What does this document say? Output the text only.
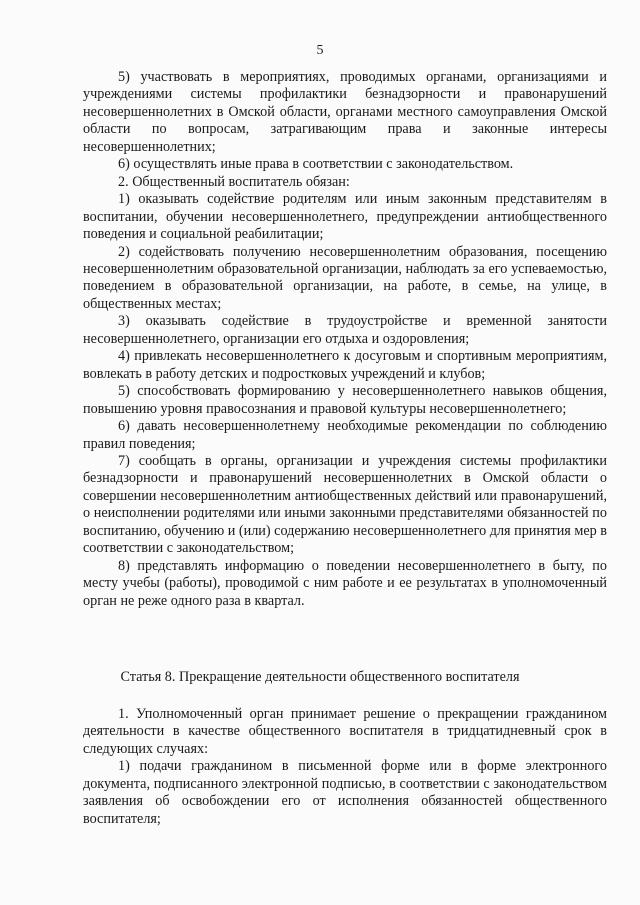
5

5) участвовать в мероприятиях, проводимых органами, организациями и учреждениями системы профилактики безнадзорности и правонарушений несовершеннолетних в Омской области, органами местного самоуправления Омской области по вопросам, затрагивающим права и законные интересы несовершеннолетних;

6) осуществлять иные права в соответствии с законодательством.

2. Общественный воспитатель обязан:

1) оказывать содействие родителям или иным законным представителям в воспитании, обучении несовершеннолетнего, предупреждении антиобщественного поведения и социальной реабилитации;

2) содействовать получению несовершеннолетним образования, посещению несовершеннолетним образовательной организации, наблюдать за его успеваемостью, поведением в образовательной организации, на работе, в семье, на улице, в общественных местах;

3) оказывать содействие в трудоустройстве и временной занятости несовершеннолетнего, организации его отдыха и оздоровления;

4) привлекать несовершеннолетнего к досуговым и спортивным мероприятиям, вовлекать в работу детских и подростковых учреждений и клубов;

5) способствовать формированию у несовершеннолетнего навыков общения, повышению уровня правосознания и правовой культуры несовершеннолетнего;

6) давать несовершеннолетнему необходимые рекомендации по соблюдению правил поведения;

7) сообщать в органы, организации и учреждения системы профилактики безнадзорности и правонарушений несовершеннолетних в Омской области о совершении несовершеннолетним антиобщественных действий или правонарушений, о неисполнении родителями или иными законными представителями обязанностей по воспитанию, обучению и (или) содержанию несовершеннолетнего для принятия мер в соответствии с законодательством;

8) представлять информацию о поведении несовершеннолетнего в быту, по месту учебы (работы), проводимой с ним работе и ее результатах в уполномоченный орган не реже одного раза в квартал.

Статья 8. Прекращение деятельности общественного воспитателя

1. Уполномоченный орган принимает решение о прекращении гражданином деятельности в качестве общественного воспитателя в тридцатидневный срок в следующих случаях:

1) подачи гражданином в письменной форме или в форме электронного документа, подписанного электронной подписью, в соответствии с законодательством заявления об освобождении его от исполнения обязанностей общественного воспитателя;
